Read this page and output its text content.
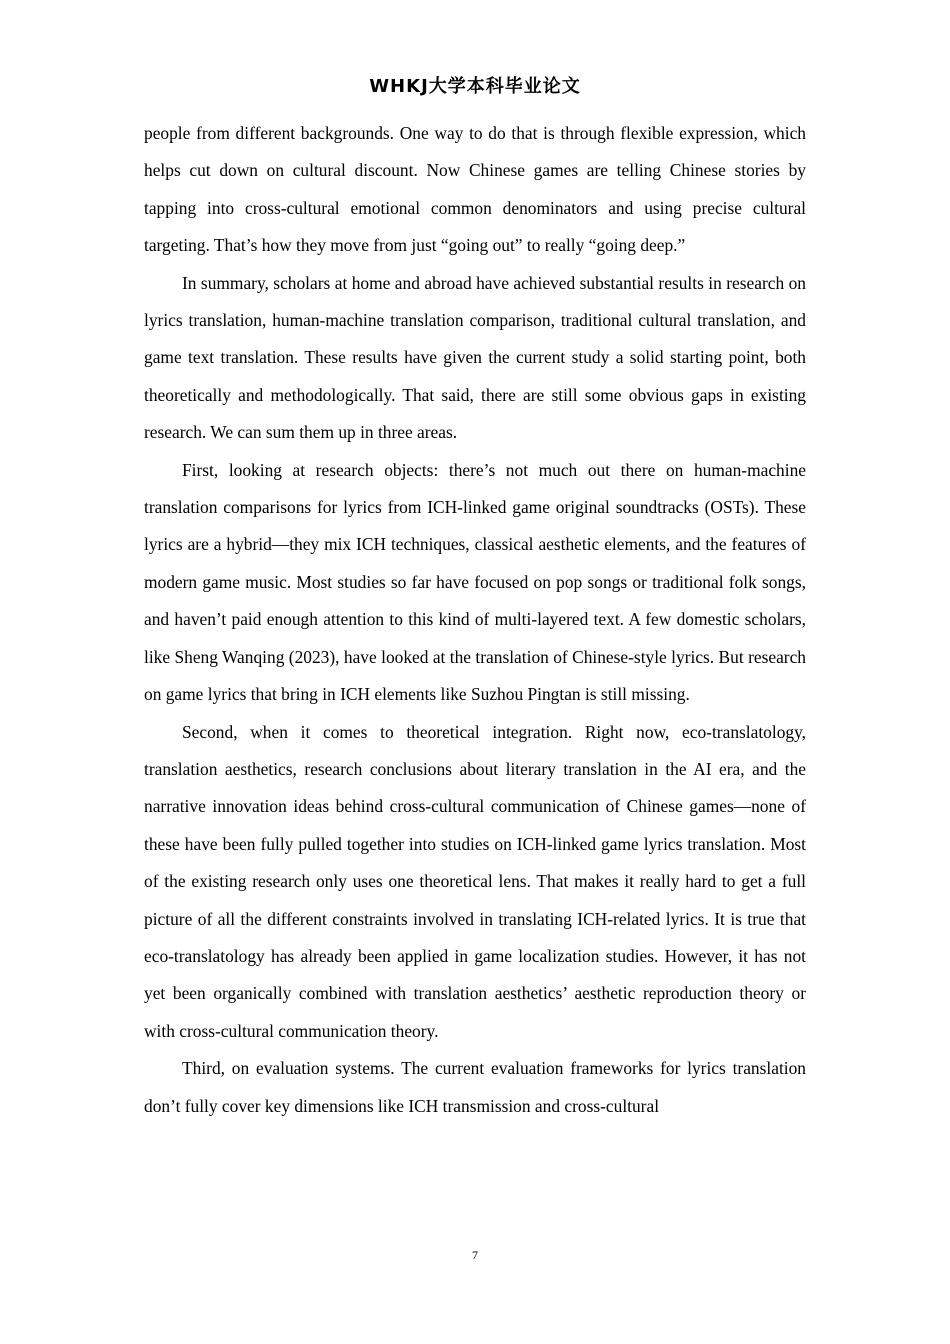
WHKJ大学本科毕业论文

people from different backgrounds. One way to do that is through flexible expression, which helps cut down on cultural discount. Now Chinese games are telling Chinese stories by tapping into cross-cultural emotional common denominators and using precise cultural targeting. That’s how they move from just “going out” to really “going deep.”

In summary, scholars at home and abroad have achieved substantial results in research on lyrics translation, human-machine translation comparison, traditional cultural translation, and game text translation. These results have given the current study a solid starting point, both theoretically and methodologically. That said, there are still some obvious gaps in existing research. We can sum them up in three areas.

First, looking at research objects: there’s not much out there on human-machine translation comparisons for lyrics from ICH-linked game original soundtracks (OSTs). These lyrics are a hybrid—they mix ICH techniques, classical aesthetic elements, and the features of modern game music. Most studies so far have focused on pop songs or traditional folk songs, and haven’t paid enough attention to this kind of multi-layered text. A few domestic scholars, like Sheng Wanqing (2023), have looked at the translation of Chinese-style lyrics. But research on game lyrics that bring in ICH elements like Suzhou Pingtan is still missing.

Second, when it comes to theoretical integration. Right now, eco-translatology, translation aesthetics, research conclusions about literary translation in the AI era, and the narrative innovation ideas behind cross-cultural communication of Chinese games—none of these have been fully pulled together into studies on ICH-linked game lyrics translation. Most of the existing research only uses one theoretical lens. That makes it really hard to get a full picture of all the different constraints involved in translating ICH-related lyrics. It is true that eco-translatology has already been applied in game localization studies. However, it has not yet been organically combined with translation aesthetics’ aesthetic reproduction theory or with cross-cultural communication theory.

Third, on evaluation systems. The current evaluation frameworks for lyrics translation don’t fully cover key dimensions like ICH transmission and cross-cultural

7
